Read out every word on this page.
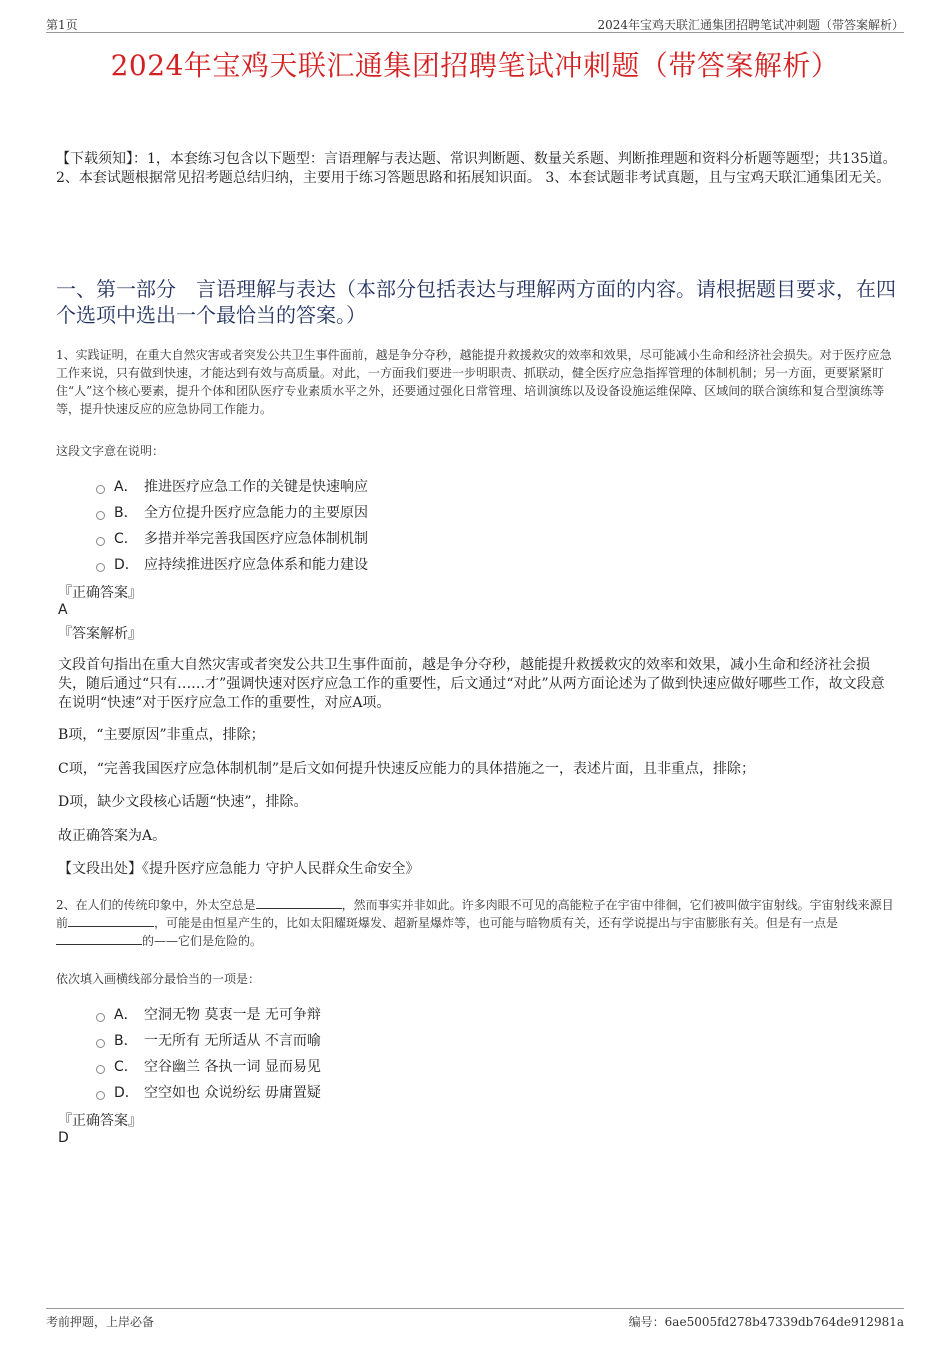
第1页	2024年宝鸡天联汇通集团招聘笔试冲刺题（带答案解析）
2024年宝鸡天联汇通集团招聘笔试冲刺题（带答案解析）
【下载须知】：1，本套练习包含以下题型：言语理解与表达题、常识判断题、数量关系题、判断推理题和资料分析题等题型；共135道。 2、本套试题根据常见招考题总结归纳，主要用于练习答题思路和拓展知识面。 3、本套试题非考试真题，且与宝鸡天联汇通集团无关。
一、第一部分　言语理解与表达（本部分包括表达与理解两方面的内容。请根据题目要求，在四个选项中选出一个最恰当的答案。）
1、实践证明，在重大自然灾害或者突发公共卫生事件面前，越是争分夺秒，越能提升救援救灾的效率和效果，尽可能减小生命和经济社会损失。对于医疗应急工作来说，只有做到快速，才能达到有效与高质量。对此，一方面我们要进一步明职责、抓联动，健全医疗应急指挥管理的体制机制；另一方面，更要紧紧盯住“人”这个核心要素，提升个体和团队医疗专业素质水平之外，还要通过强化日常管理、培训演练以及设备设施运维保障、区域间的联合演练和复合型演练等等，提升快速反应的应急协同工作能力。
这段文字意在说明：
A． 推进医疗应急工作的关键是快速响应
B． 全方位提升医疗应急能力的主要原因
C． 多措并举完善我国医疗应急体制机制
D． 应持续推进医疗应急体系和能力建设
『正确答案』
A
『答案解析』
文段首句指出在重大自然灾害或者突发公共卫生事件面前，越是争分夺秒，越能提升救援救灾的效率和效果，减小生命和经济社会损失，随后通过“只有……才”强调快速对医疗应急工作的重要性，后文通过“对此”从两方面论述为了做到快速应做好哪些工作，故文段意在说明“快速”对于医疗应急工作的重要性，对应A项。
B项，“主要原因”非重点，排除；
C项，“完善我国医疗应急体制机制”是后文如何提升快速反应能力的具体措施之一，表述片面，且非重点，排除；
D项，缺少文段核心话题“快速”，排除。
故正确答案为A。
【文段出处】《提升医疗应急能力 守护人民群众生命安全》
2、在人们的传统印象中，外太空总是	，然而事实并非如此。许多肉眼不可见的高能粒子在宇宙中徘徊，它们被叫做宇宙射线。宇宙射线来源目前	，可能是由恒星产生的，比如太阳耀斑爆发、超新星爆炸等，也可能与暗物质有关，还有学说提出与宇宙膨胀有关。但是有一点是的——它们是危险的。
依次填入画横线部分最恰当的一项是：
A． 空洞无物 莫衷一是 无可争辩
B． 一无所有 无所适从 不言而喻
C． 空谷幽兰 各执一词 显而易见
D． 空空如也 众说纷纭 毋庸置疑
『正确答案』
D
考前押题，上岸必备	编号：6ae5005fd278b47339db764de912981a
